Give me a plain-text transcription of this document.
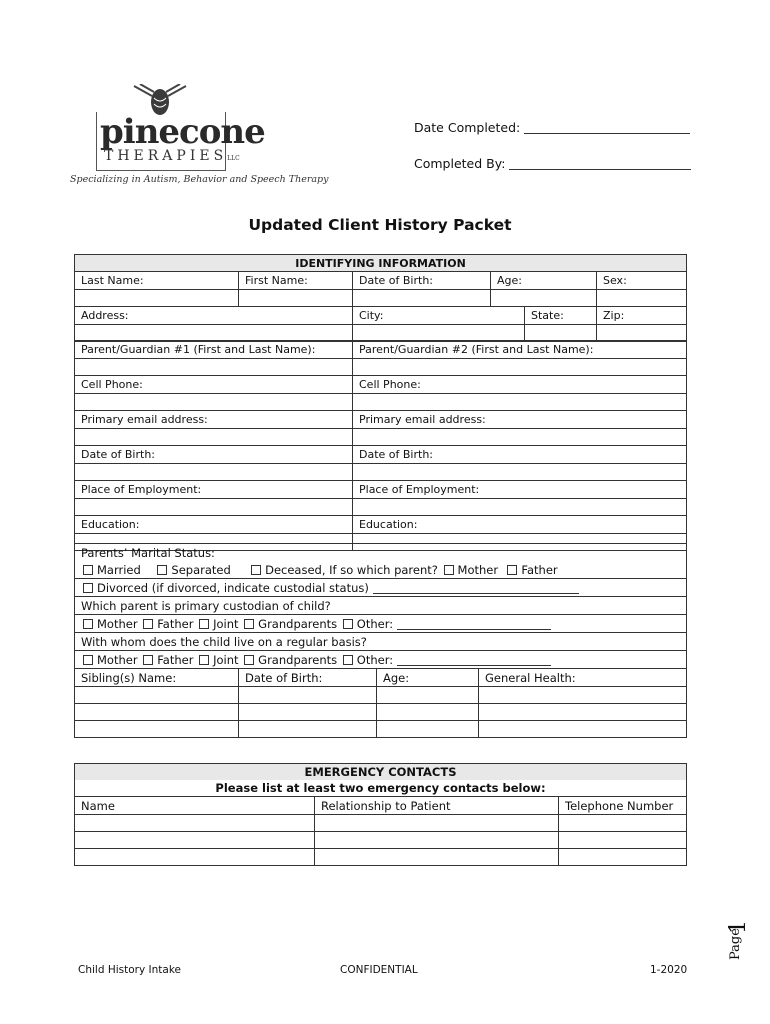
pinecone
THERAPIESLLC
Specializing in Autism, Behavior and Speech Therapy
Date Completed:
Completed By:
Updated Client History Packet
IDENTIFYING INFORMATION					
Last Name:	First Name:	Date of Birth:	Age:		Sex:

Address:		City:		State:	Zip:

Parent/Guardian #1 (First and Last Name):	Parent/Guardian #2 (First and Last Name):

Cell Phone:	Cell Phone:

Primary email address:	Primary email address:

Date of Birth:	Date of Birth:

Place of Employment:	Place of Employment:

Education:	Education:

Parents’ Marital Status:			
Married Separated Deceased, If so which parent? Mother Father			
Divorced (if divorced, indicate custodial status)			
Which parent is primary custodian of child?			
Mother Father Joint Grandparents Other:			
With whom does the child live on a regular basis?			
Mother Father Joint Grandparents Other:			
Sibling(s) Name:	Date of Birth:	Age:	General Health:

EMERGENCY CONTACTS		
Please list at least two emergency contacts below:		
Name	Relationship to Patient	Telephone Number

Page
1
Child History Intake	CONFIDENTIAL	1-2020
